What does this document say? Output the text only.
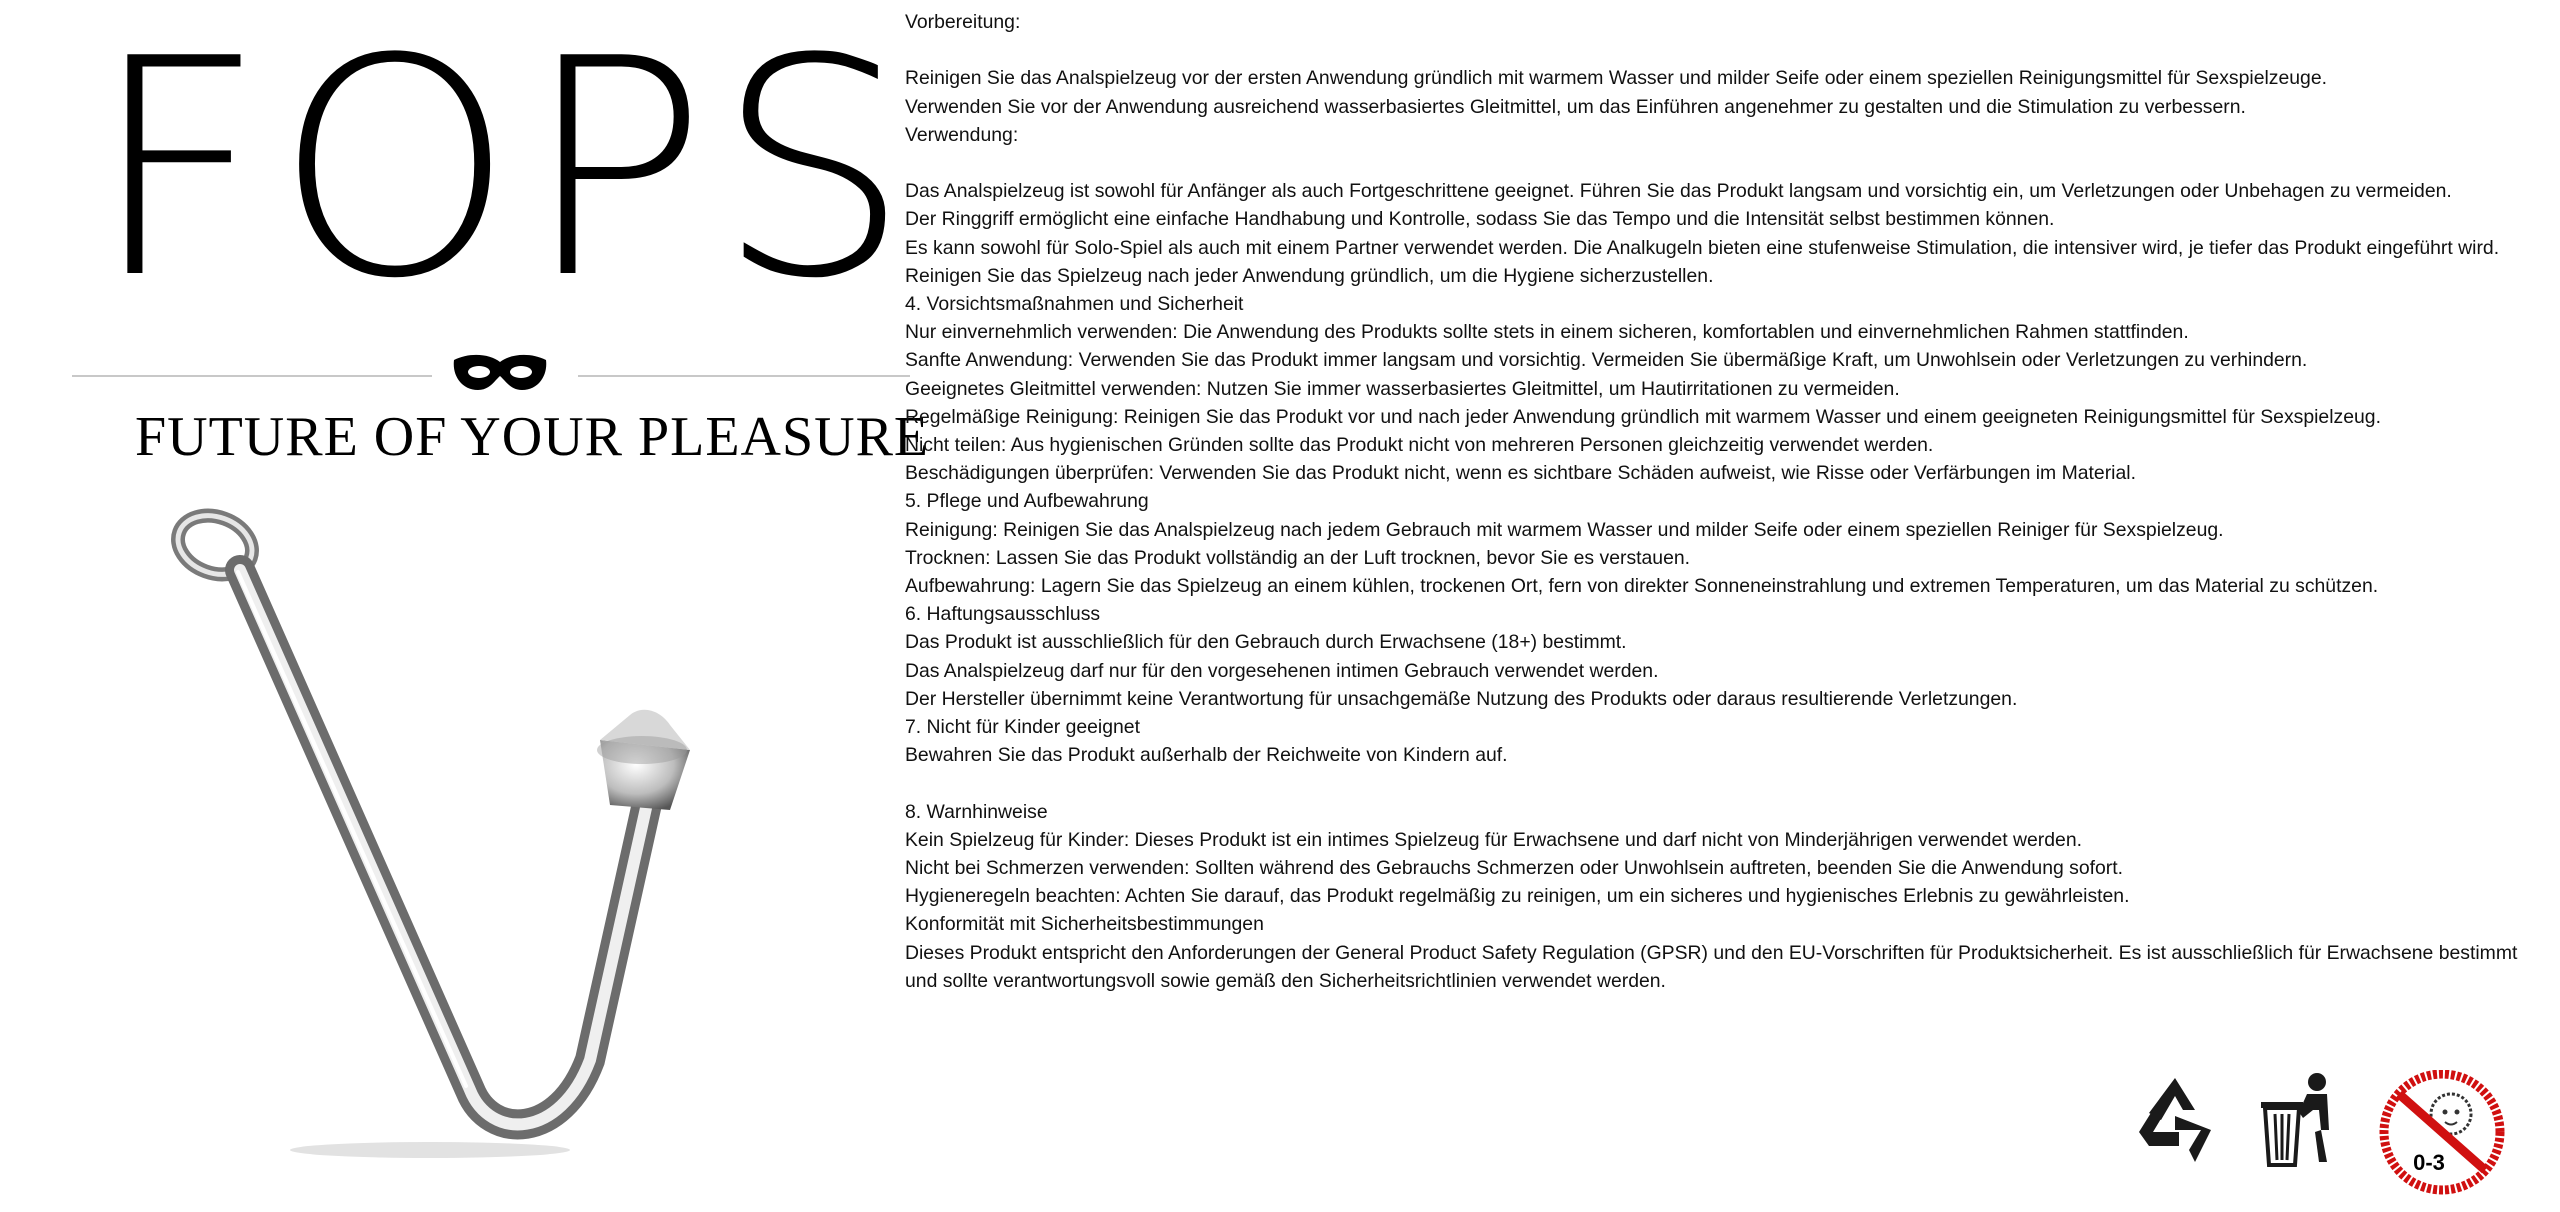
FOPS
FUTURE OF YOUR PLEASURE
Vorbereitung:
Reinigen Sie das Analspielzeug vor der ersten Anwendung gründlich mit warmem Wasser und milder Seife oder einem speziellen Reinigungsmittel für Sexspielzeuge.
Verwenden Sie vor der Anwendung ausreichend wasserbasiertes Gleitmittel, um das Einführen angenehmer zu gestalten und die Stimulation zu verbessern.
Verwendung:
Das Analspielzeug ist sowohl für Anfänger als auch Fortgeschrittene geeignet. Führen Sie das Produkt langsam und vorsichtig ein, um Verletzungen oder Unbehagen zu vermeiden.
Der Ringgriff ermöglicht eine einfache Handhabung und Kontrolle, sodass Sie das Tempo und die Intensität selbst bestimmen können.
Es kann sowohl für Solo-Spiel als auch mit einem Partner verwendet werden. Die Analkugeln bieten eine stufenweise Stimulation, die intensiver wird, je tiefer das Produkt eingeführt wird.
Reinigen Sie das Spielzeug nach jeder Anwendung gründlich, um die Hygiene sicherzustellen.
4. Vorsichtsmaßnahmen und Sicherheit
Nur einvernehmlich verwenden: Die Anwendung des Produkts sollte stets in einem sicheren, komfortablen und einvernehmlichen Rahmen stattfinden.
Sanfte Anwendung: Verwenden Sie das Produkt immer langsam und vorsichtig. Vermeiden Sie übermäßige Kraft, um Unwohlsein oder Verletzungen zu verhindern.
Geeignetes Gleitmittel verwenden: Nutzen Sie immer wasserbasiertes Gleitmittel, um Hautirritationen zu vermeiden.
Regelmäßige Reinigung: Reinigen Sie das Produkt vor und nach jeder Anwendung gründlich mit warmem Wasser und einem geeigneten Reinigungsmittel für Sexspielzeug.
Nicht teilen: Aus hygienischen Gründen sollte das Produkt nicht von mehreren Personen gleichzeitig verwendet werden.
Beschädigungen überprüfen: Verwenden Sie das Produkt nicht, wenn es sichtbare Schäden aufweist, wie Risse oder Verfärbungen im Material.
5. Pflege und Aufbewahrung
Reinigung: Reinigen Sie das Analspielzeug nach jedem Gebrauch mit warmem Wasser und milder Seife oder einem speziellen Reiniger für Sexspielzeug.
Trocknen: Lassen Sie das Produkt vollständig an der Luft trocknen, bevor Sie es verstauen.
Aufbewahrung: Lagern Sie das Spielzeug an einem kühlen, trockenen Ort, fern von direkter Sonneneinstrahlung und extremen Temperaturen, um das Material zu schützen.
6. Haftungsausschluss
Das Produkt ist ausschließlich für den Gebrauch durch Erwachsene (18+) bestimmt.
Das Analspielzeug darf nur für den vorgesehenen intimen Gebrauch verwendet werden.
Der Hersteller übernimmt keine Verantwortung für unsachgemäße Nutzung des Produkts oder daraus resultierende Verletzungen.
7. Nicht für Kinder geeignet
Bewahren Sie das Produkt außerhalb der Reichweite von Kindern auf.
8. Warnhinweise
Kein Spielzeug für Kinder: Dieses Produkt ist ein intimes Spielzeug für Erwachsene und darf nicht von Minderjährigen verwendet werden.
Nicht bei Schmerzen verwenden: Sollten während des Gebrauchs Schmerzen oder Unwohlsein auftreten, beenden Sie die Anwendung sofort.
Hygieneregeln beachten: Achten Sie darauf, das Produkt regelmäßig zu reinigen, um ein sicheres und hygienisches Erlebnis zu gewährleisten.
Konformität mit Sicherheitsbestimmungen
Dieses Produkt entspricht den Anforderungen der General Product Safety Regulation (GPSR) und den EU-Vorschriften für Produktsicherheit. Es ist ausschließlich für Erwachsene bestimmt und sollte verantwortungsvoll sowie gemäß den Sicherheitsrichtlinien verwendet werden.
0-3
